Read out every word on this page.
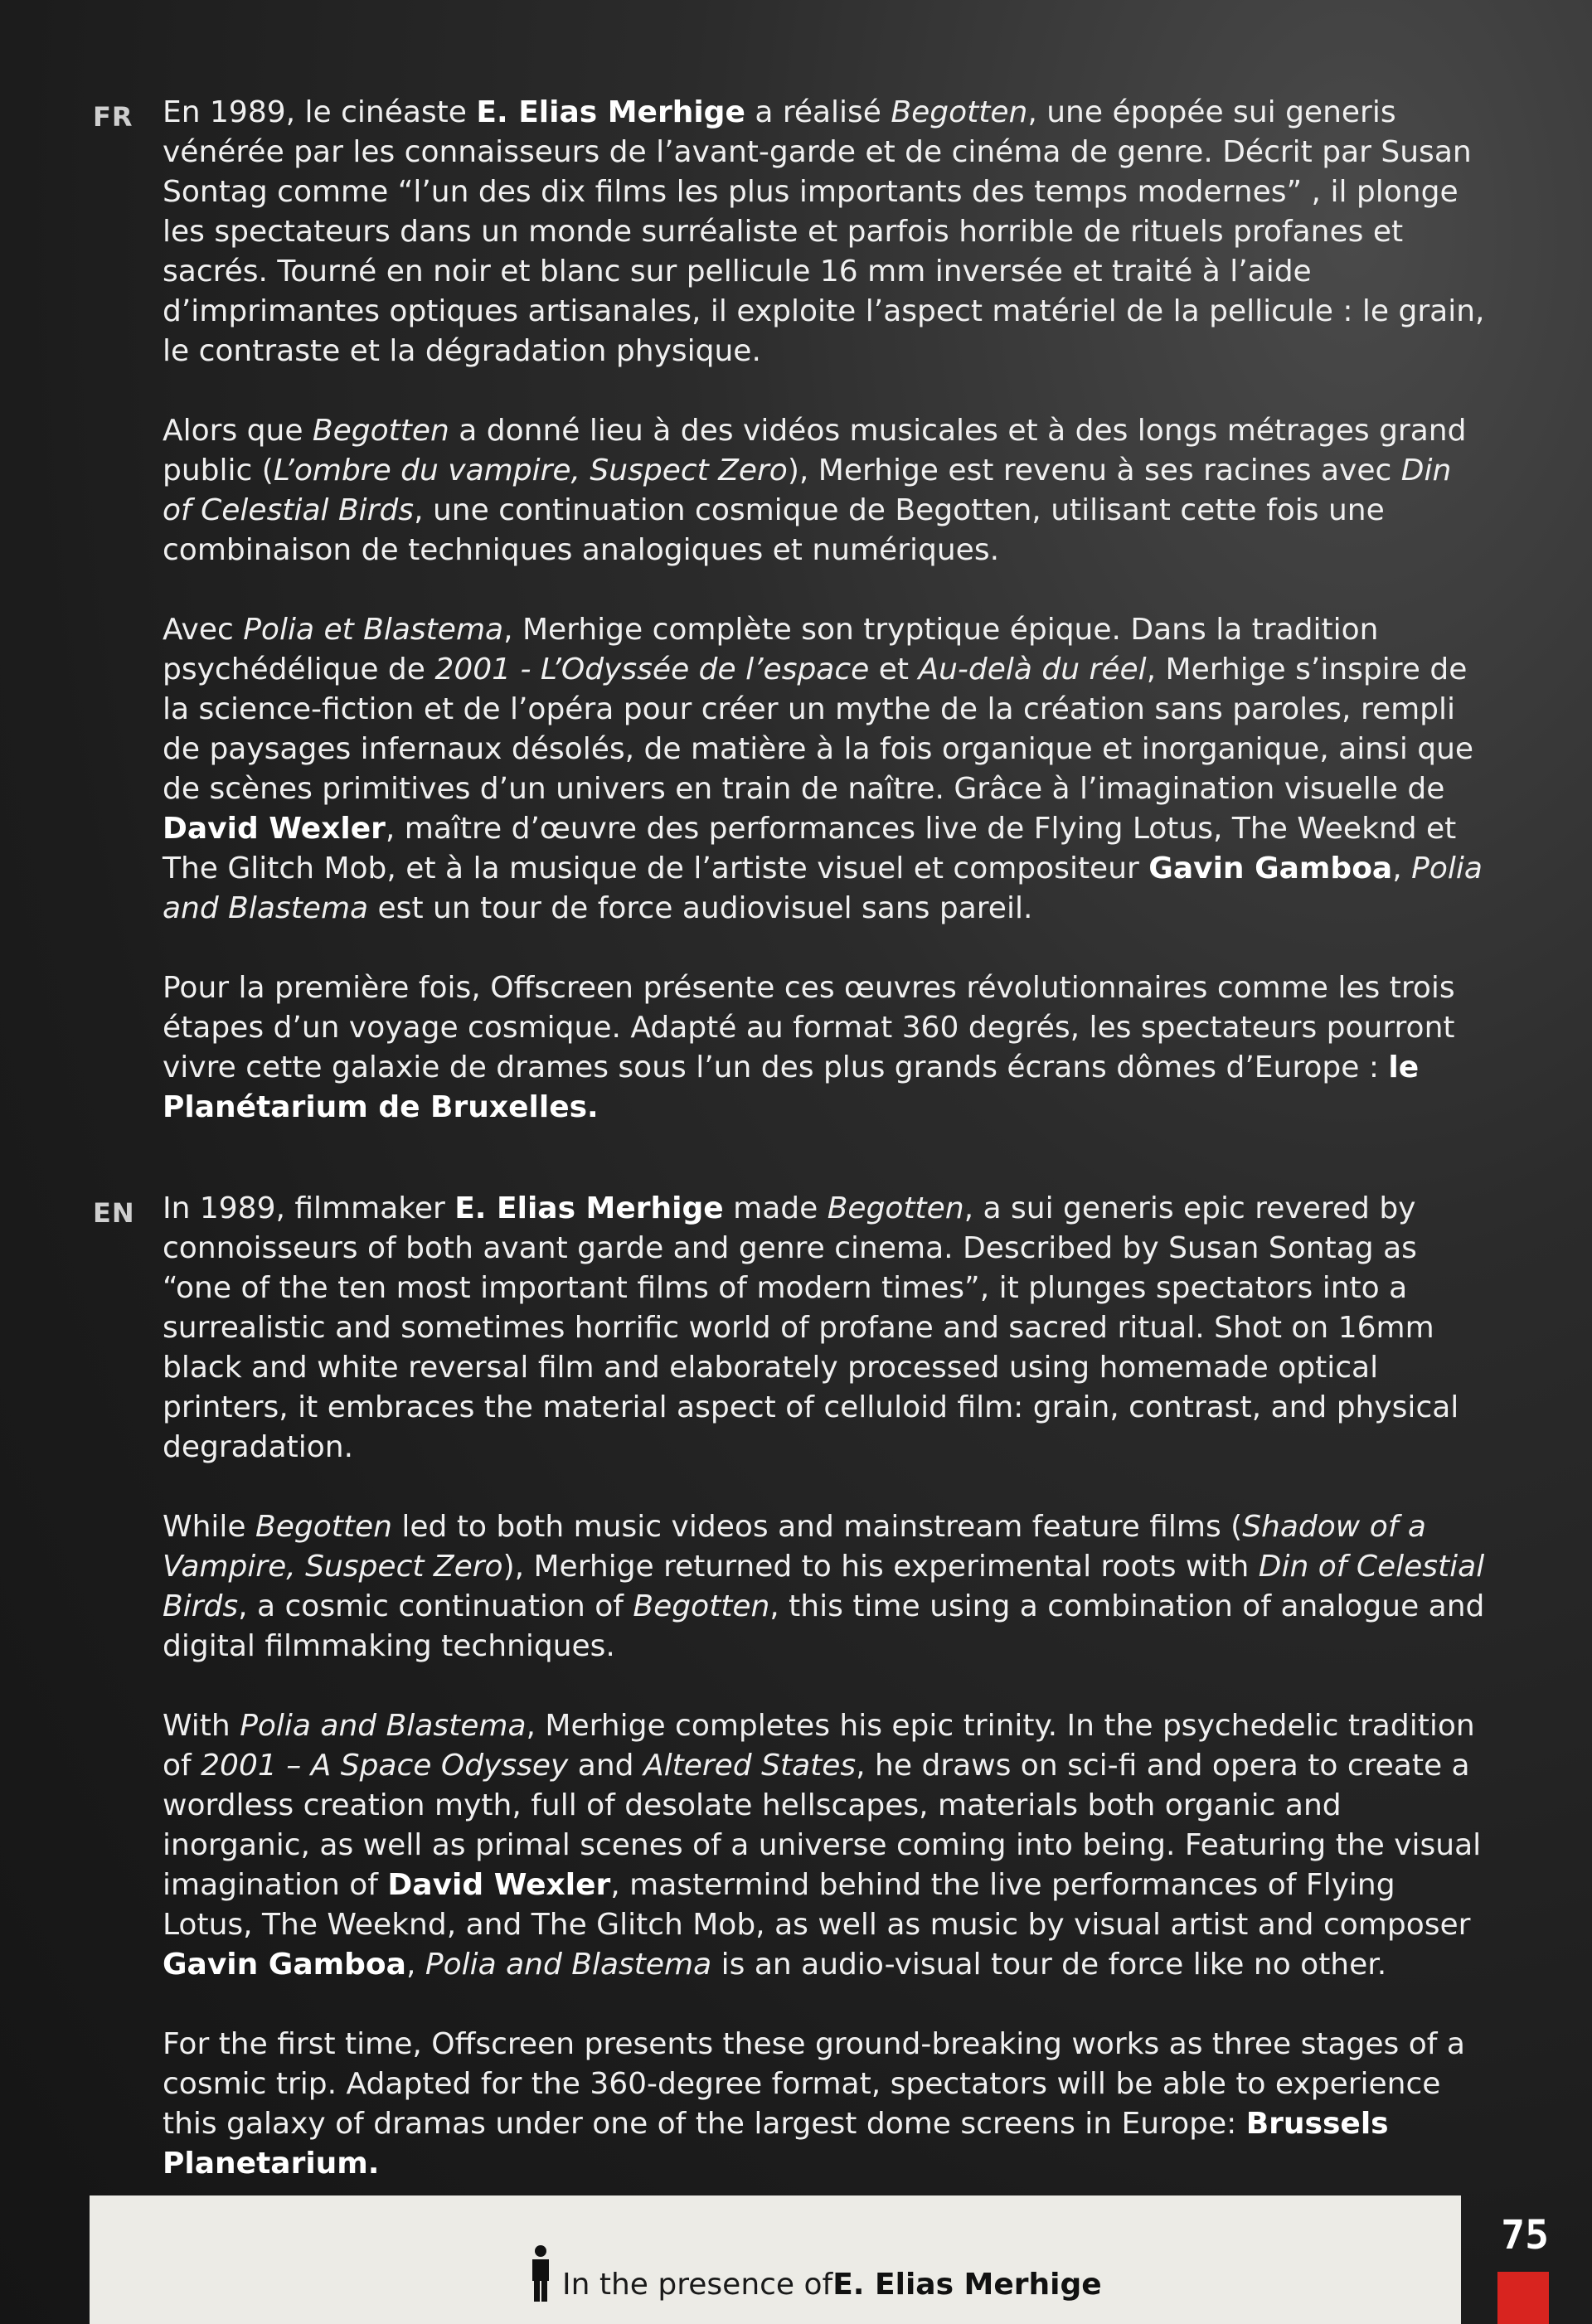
FR En 1989, le cinéaste E. Elias Merhige a réalisé Begotten, une épopée sui generis vénérée par les connaisseurs de l’avant-garde et de cinéma de genre. Décrit par Susan Sontag comme “l’un des dix films les plus importants des temps modernes” , il plonge les spectateurs dans un monde surréaliste et parfois horrible de rituels profanes et sacrés. Tourné en noir et blanc sur pellicule 16 mm inversée et traité à l’aide d’imprimantes optiques artisanales, il exploite l’aspect matériel de la pellicule : le grain, le contraste et la dégradation physique.

Alors que Begotten a donné lieu à des vidéos musicales et à des longs métrages grand public (L’ombre du vampire, Suspect Zero), Merhige est revenu à ses racines avec Din of Celestial Birds, une continuation cosmique de Begotten, utilisant cette fois une combinaison de techniques analogiques et numériques.

Avec Polia et Blastema, Merhige complète son tryptique épique. Dans la tradition psychédélique de 2001 - L’Odyssée de l’espace et Au-delà du réel, Merhige s’inspire de la science-fiction et de l’opéra pour créer un mythe de la création sans paroles, rempli de paysages infernaux désolés, de matière à la fois organique et inorganique, ainsi que de scènes primitives d’un univers en train de naître. Grâce à l’imagination visuelle de David Wexler, maître d’œuvre des performances live de Flying Lotus, The Weeknd et The Glitch Mob, et à la musique de l’artiste visuel et compositeur Gavin Gamboa, Polia and Blastema est un tour de force audiovisuel sans pareil.

Pour la première fois, Offscreen présente ces œuvres révolutionnaires comme les trois étapes d’un voyage cosmique. Adapté au format 360 degrés, les spectateurs pourront vivre cette galaxie de drames sous l’un des plus grands écrans dômes d’Europe : le Planétarium de Bruxelles.

EN In 1989, filmmaker E. Elias Merhige made Begotten, a sui generis epic revered by connoisseurs of both avant garde and genre cinema. Described by Susan Sontag as “one of the ten most important films of modern times”, it plunges spectators into a surrealistic and sometimes horrific world of profane and sacred ritual. Shot on 16mm black and white reversal film and elaborately processed using homemade optical printers, it embraces the material aspect of celluloid film: grain, contrast, and physical degradation.

While Begotten led to both music videos and mainstream feature films (Shadow of a Vampire, Suspect Zero), Merhige returned to his experimental roots with Din of Celestial Birds, a cosmic continuation of Begotten, this time using a combination of analogue and digital filmmaking techniques.

With Polia and Blastema, Merhige completes his epic trinity. In the psychedelic tradition of 2001 – A Space Odyssey and Altered States, he draws on sci-fi and opera to create a wordless creation myth, full of desolate hellscapes, materials both organic and inorganic, as well as primal scenes of a universe coming into being. Featuring the visual imagination of David Wexler, mastermind behind the live performances of Flying Lotus, The Weeknd, and The Glitch Mob, as well as music by visual artist and composer Gavin Gamboa, Polia and Blastema is an audio-visual tour de force like no other.

For the first time, Offscreen presents these ground-breaking works as three stages of a cosmic trip. Adapted for the 360-degree format, spectators will be able to experience this galaxy of dramas under one of the largest dome screens in Europe: Brussels Planetarium.

In the presence of E. Elias Merhige
75
